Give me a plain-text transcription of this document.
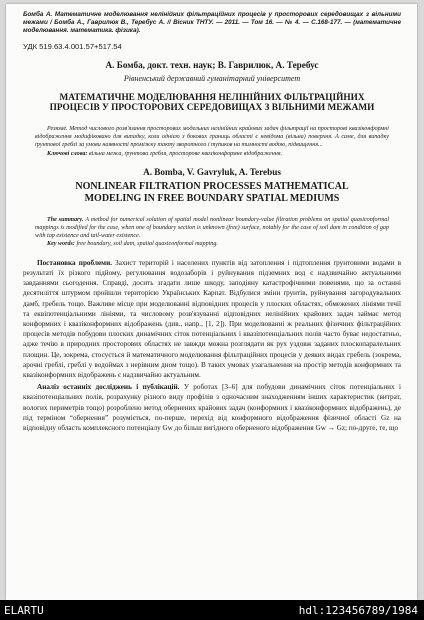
Бомба А. Математичне моделювання нелінійних фільтраційних процесів у просторових середовищах з вільними межами / Бомба А., Гаврилюк В., Теребус А. // Вісник ТНТУ. — 2011. — Том 16. — № 4. — С.168-177. — (математичне моделювання. математика. фізика).

УДК 519.63.4.001.57+517.54

А. Бомба, докт. техн. наук; В. Гаврилюк, А. Теребус

Рівненський державний гуманітарний університет

МАТЕМАТИЧНЕ МОДЕЛЮВАННЯ НЕЛІНІЙНИХ ФІЛЬТРАЦІЙНИХ ПРОЦЕСІВ У ПРОСТОРОВИХ СЕРЕДОВИЩАХ З ВІЛЬНИМИ МЕЖАМИ

Резюме. Метод числового розв'язання просторових модельних нелінійних крайових задач фільтрації на просторові квазіконформні відображення модифіковано для випадку, коли однією з бокових границь області є невідома (вільна) поверхня. А саме, для випадку ґрунтової греблі за умови наявності проміжку такту зворотного і тупиков на тимності водою, підвищення...

Ключові слова: вільна межа, ґрунтова гребля, просторове квазіконформне відображення.

A. Bomba, V. Gavryluk, A. Terebus

NONLINEAR FILTRATION PROCESSES MATHEMATICAL MODELING IN FREE BOUNDARY SPATIAL MEDIUMS

The summary. A method for numerical solution of spatial model nonlinear boundary-value filtration problems on spatial quasiconformal mappings is modified for the case, when one of boundary section is unknown (free) surface, notably for the case of soil dam in condition of gap with top existence and tail-water existence.

Key words: free boundary, soil dam, spatial quasiconformal mapping.

Постановка проблеми. Захист територій і населених пунктів від затоплення і підтоплення ґрунтовими водами в результаті їх різкого підйому, регулювання водозаборів і руйнування підземних вод є надзвичайно актуальними завданнями сьогодення. Справді, досить згадати лише шкоду, заподіяну катастрофічними повенями, що за останні десятиліття штурмом пройшли територією Українських Карпат. Відбулися зміни ґрунтів, руйнування загородувальних дамб, гребель тощо. Важливе місце при моделюванні відповідних процесів у плоских областях, обмежених лініями течії та еквіпотенціальними лініями, та числовому розв'язуванні відповідних нелінійних крайових задач займає метод конформних і квазіконформних відображень (див., напр., [1, 2]). При моделюванні ж реальних фізичних фільтраційних процесів методів побудови плоских динамічних сіток потенціальних і квазіпотенціальних полів часто буває недостатньо, адже течію в природних просторових областях не завжди можна розглядати як рух уздовж заданих плоскопаралельних площин. Це, зокрема, стосується й математичного моделювання фільтраційних процесів у деяких видах гребель (зокрема, арочні греблі, греблі у водоймах з нерівним дном тощо). В таких умовах узагальнення на простір методів конформних та квазіконформних відображень є надзвичайно актуальним.

Аналіз останніх досліджень і публікацій. У роботах [3–6] для побудови динамічних сіток потенціальних і квазіпотенціальних полів, розрахунку різного виду профілів з одночасним знаходженням інших характеристик (витрат, вологих периметрів тощо) розроблено метод обернених крайових задач (конформних і квазіконформних відображень), де під терміном “обернення” розуміється, по-перше, перехід від конформного відображення фізичної області Gz на відповідну область комплексного потенціалу Gw до більш вигідного оберненого відображення Gw → Gz; по-друге, те, що

ELARTU	hdl:123456789/1984
